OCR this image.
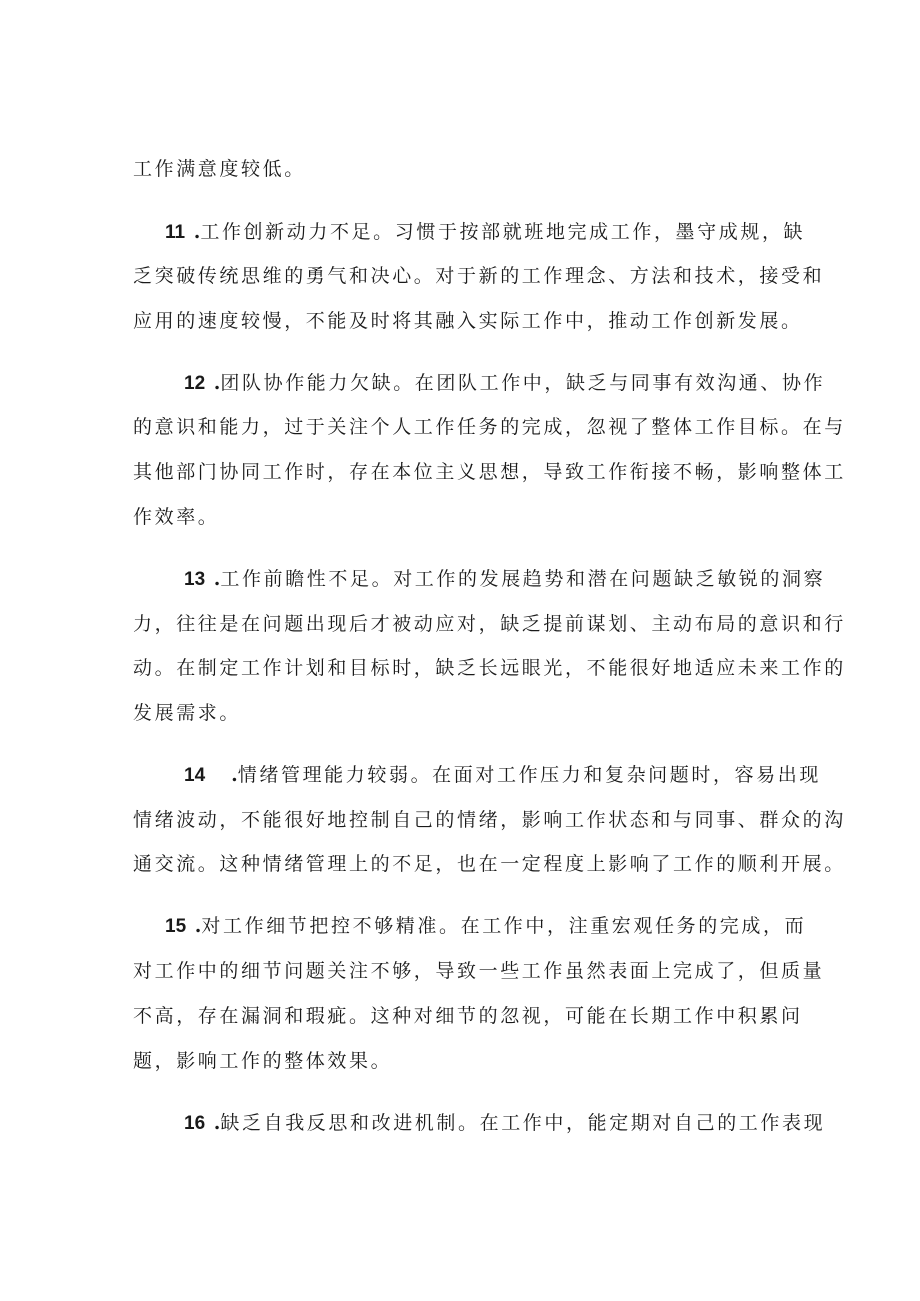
工作满意度较低。

11 .工作创新动力不足。习惯于按部就班地完成工作，墨守成规，缺

乏突破传统思维的勇气和决心。对于新的工作理念、方法和技术，接受和

应用的速度较慢，不能及时将其融入实际工作中，推动工作创新发展。

12 .团队协作能力欠缺。在团队工作中，缺乏与同事有效沟通、协作

的意识和能力，过于关注个人工作任务的完成，忽视了整体工作目标。在与

其他部门协同工作时，存在本位主义思想，导致工作衔接不畅，影响整体工

作效率。

13 .工作前瞻性不足。对工作的发展趋势和潜在问题缺乏敏锐的洞察

力，往往是在问题出现后才被动应对，缺乏提前谋划、主动布局的意识和行

动。在制定工作计划和目标时，缺乏长远眼光，不能很好地适应未来工作的

发展需求。

14 .情绪管理能力较弱。在面对工作压力和复杂问题时，容易出现

情绪波动，不能很好地控制自己的情绪，影响工作状态和与同事、群众的沟

通交流。这种情绪管理上的不足，也在一定程度上影响了工作的顺利开展。

15 .对工作细节把控不够精准。在工作中，注重宏观任务的完成，而

对工作中的细节问题关注不够，导致一些工作虽然表面上完成了，但质量

不高，存在漏洞和瑕疵。这种对细节的忽视，可能在长期工作中积累问

题，影响工作的整体效果。

16 .缺乏自我反思和改进机制。在工作中，能定期对自己的工作表现
